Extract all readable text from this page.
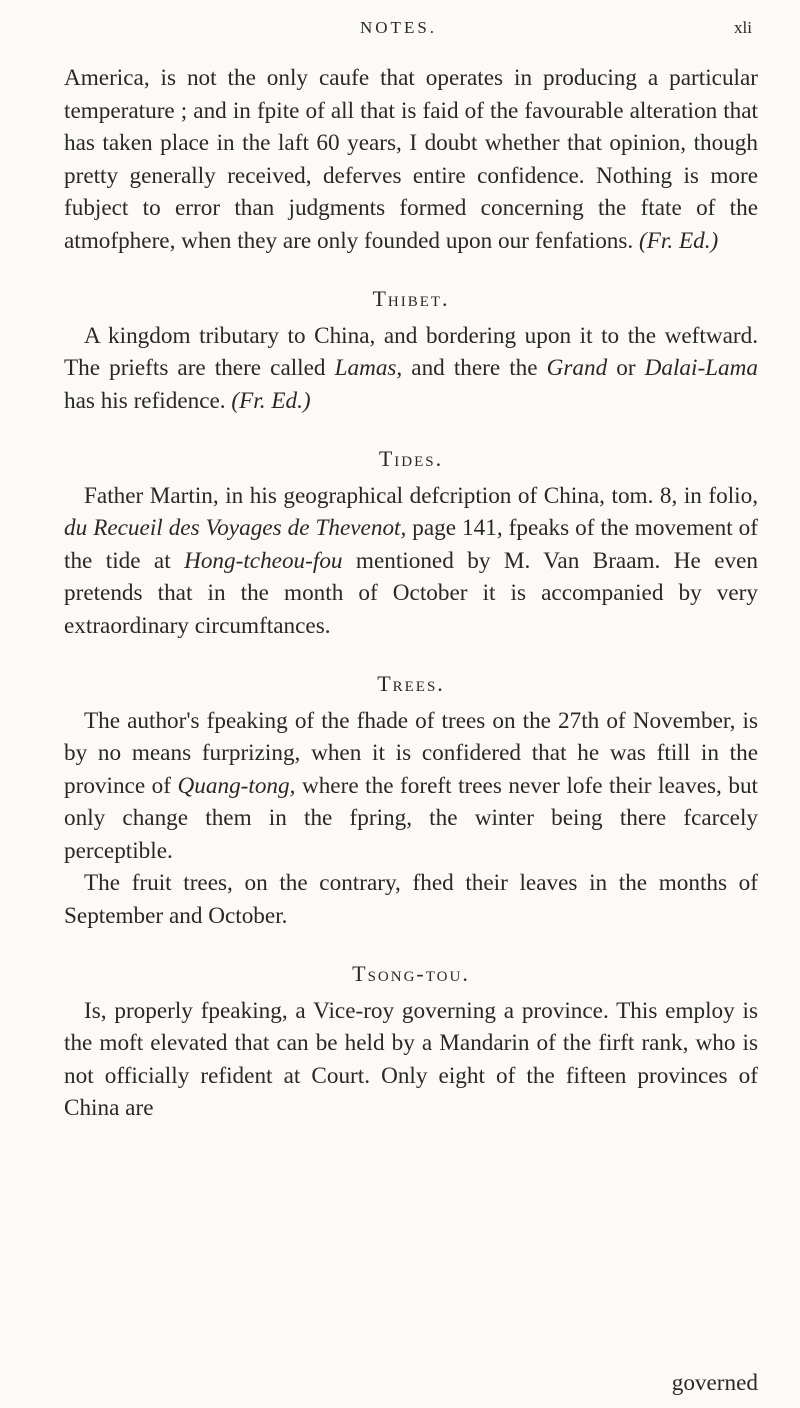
NOTES.	xli

America, is not the only caufe that operates in producing a particular temperature ; and in fpite of all that is faid of the favourable alteration that has taken place in the laft 60 years, I doubt whether that opinion, though pretty generally received, deferves entire confidence. Nothing is more fubject to error than judgments formed concerning the ftate of the atmofphere, when they are only founded upon our fenfations. (Fr. Ed.)

Thibet.

A kingdom tributary to China, and bordering upon it to the weftward. The priefts are there called Lamas, and there the Grand or Dalai-Lama has his refidence. (Fr. Ed.)

Tides.

Father Martin, in his geographical defcription of China, tom. 8, in folio, du Recueil des Voyages de Thevenot, page 141, fpeaks of the movement of the tide at Hong-tcheou-fou mentioned by M. Van Braam. He even pretends that in the month of October it is accompanied by very extraordinary circumftances.

Trees.

The author's fpeaking of the fhade of trees on the 27th of November, is by no means furprizing, when it is confidered that he was ftill in the province of Quang-tong, where the foreft trees never lofe their leaves, but only change them in the fpring, the winter being there fcarcely perceptible.

The fruit trees, on the contrary, fhed their leaves in the months of September and October.

Tsong-tou.

Is, properly fpeaking, a Vice-roy governing a province. This employ is the moft elevated that can be held by a Mandarin of the firft rank, who is not officially refident at Court. Only eight of the fifteen provinces of China are

governed
